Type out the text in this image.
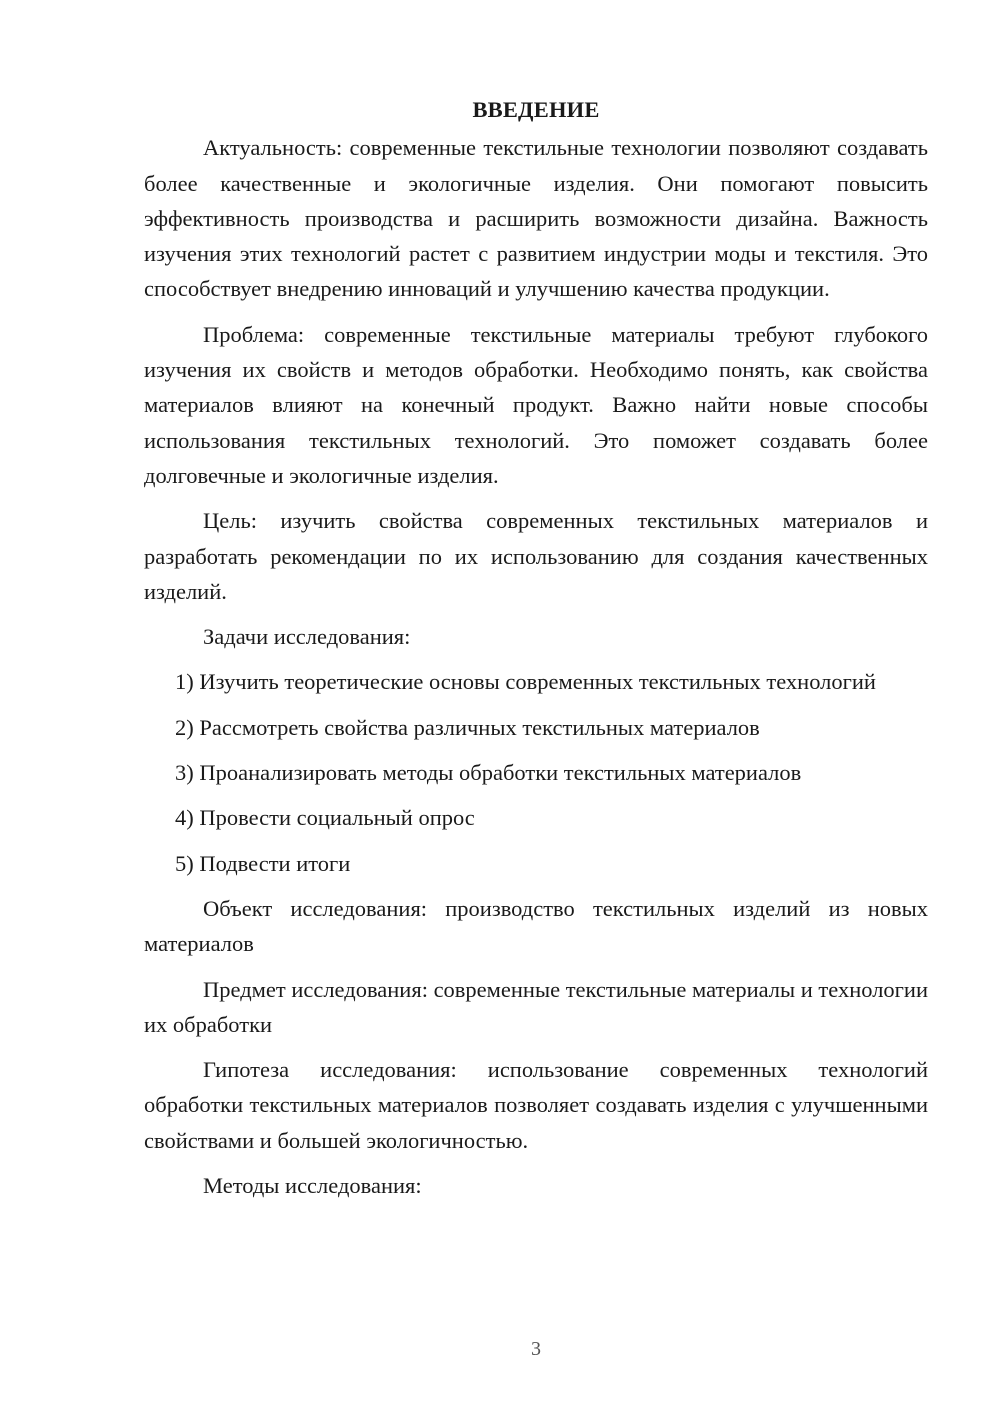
ВВЕДЕНИЕ

Актуальность: современные текстильные технологии позволяют создавать более качественные и экологичные изделия. Они помогают повысить эффективность производства и расширить возможности дизайна. Важность изучения этих технологий растет с развитием индустрии моды и текстиля. Это способствует внедрению инноваций и улучшению качества продукции.

Проблема: современные текстильные материалы требуют глубокого изучения их свойств и методов обработки. Необходимо понять, как свойства материалов влияют на конечный продукт. Важно найти новые способы использования текстильных технологий. Это поможет создавать более долговечные и экологичные изделия.

Цель: изучить свойства современных текстильных материалов и разработать рекомендации по их использованию для создания качественных изделий.

Задачи исследования:

1) Изучить теоретические основы современных текстильных технологий

2) Рассмотреть свойства различных текстильных материалов

3) Проанализировать методы обработки текстильных материалов

4) Провести социальный опрос

5) Подвести итоги

Объект исследования: производство текстильных изделий из новых материалов

Предмет исследования: современные текстильные материалы и технологии их обработки

Гипотеза исследования: использование современных технологий обработки текстильных материалов позволяет создавать изделия с улучшенными свойствами и большей экологичностью.

Методы исследования:

3
